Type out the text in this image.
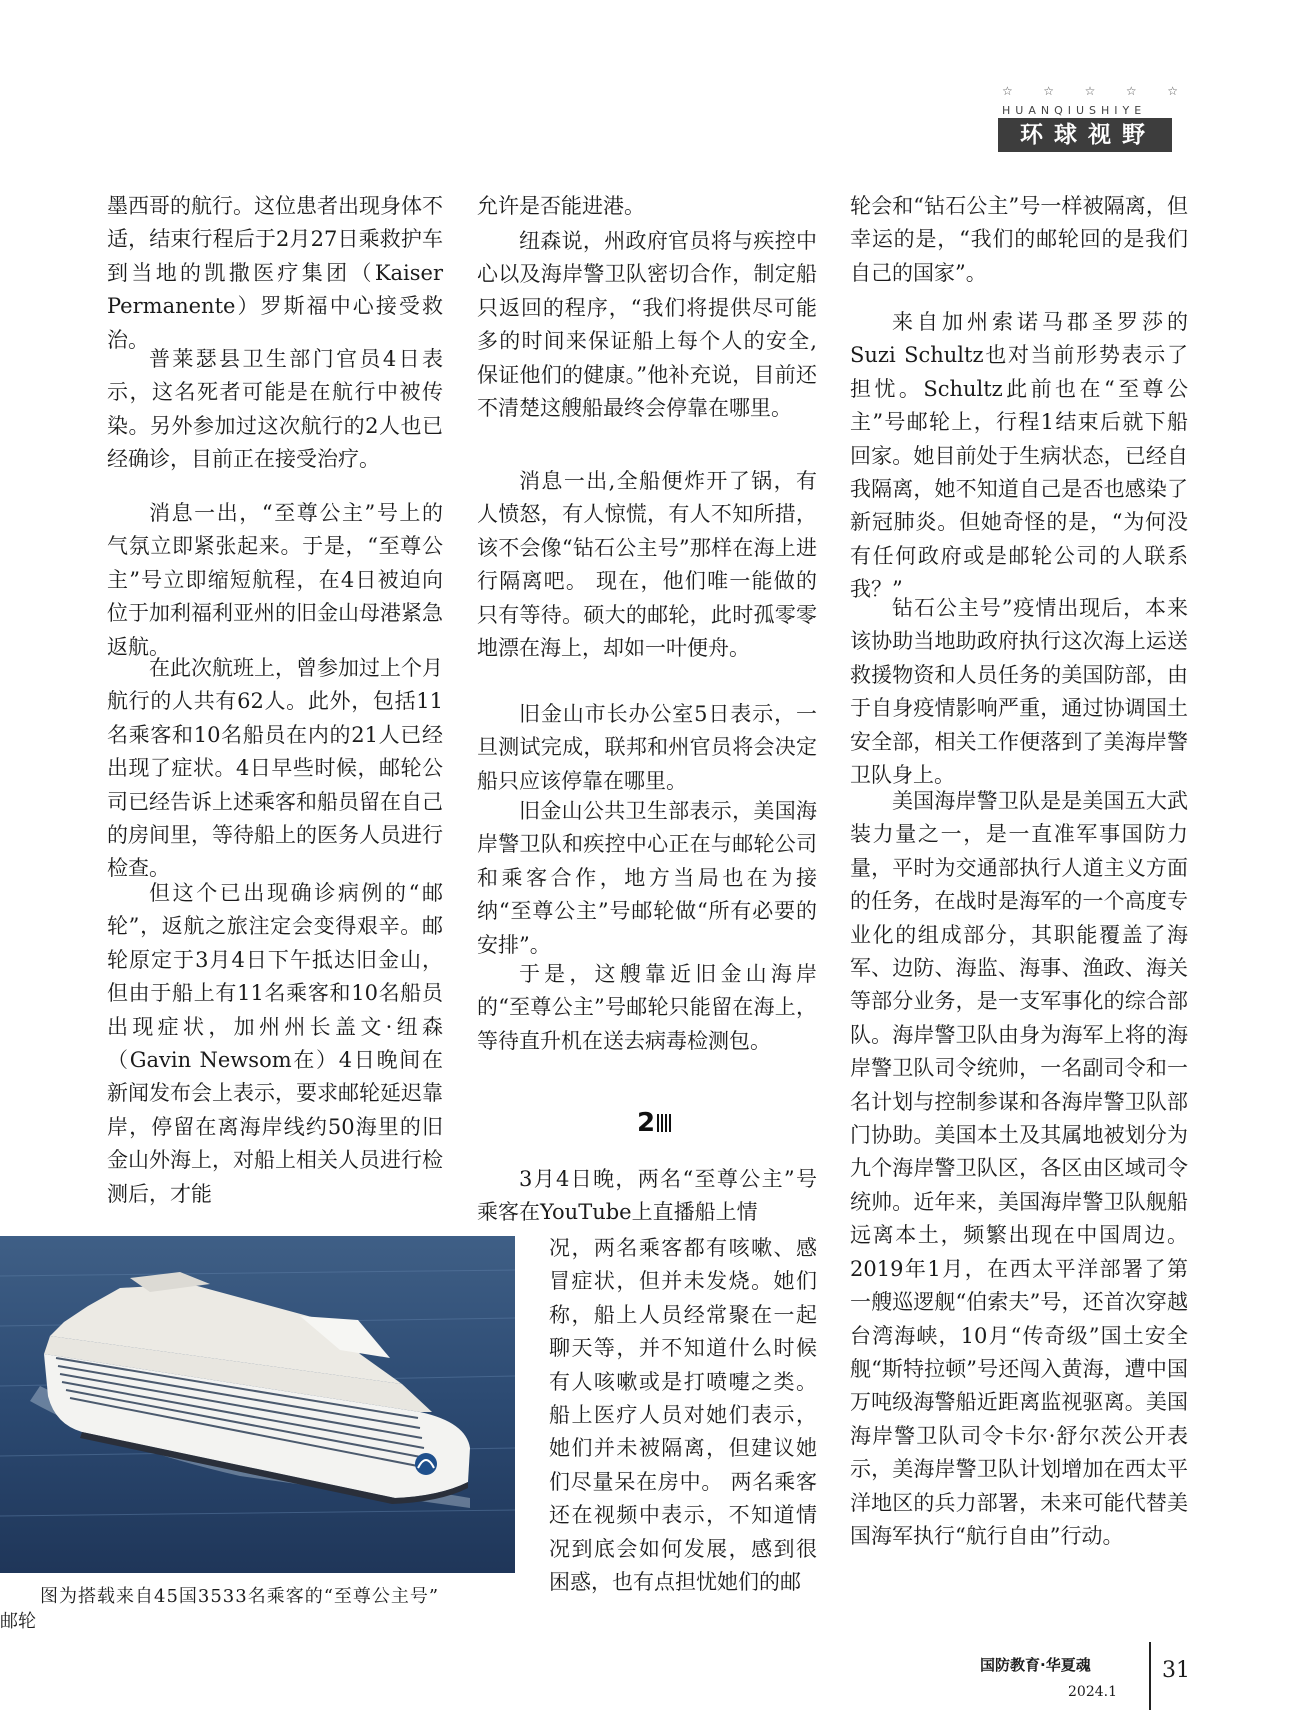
☆	☆	☆	☆	☆
HUANQIUSHIYE
环球视野

墨西哥的航行。这位患者出现身体不适，结束行程后于2月27日乘救护车到当地的凯撒医疗集团（Kaiser Permanente）罗斯福中心接受救治。

普莱瑟县卫生部门官员4日表示，这名死者可能是在航行中被传染。另外参加过这次航行的2人也已经确诊，目前正在接受治疗。

消息一出，“至尊公主”号上的气氛立即紧张起来。于是，“至尊公主”号立即缩短航程，在4日被迫向位于加利福利亚州的旧金山母港紧急返航。

在此次航班上，曾参加过上个月航行的人共有62人。此外，包括11名乘客和10名船员在内的21人已经出现了症状。4日早些时候，邮轮公司已经告诉上述乘客和船员留在自己的房间里，等待船上的医务人员进行检查。

但这个已出现确诊病例的“邮轮”，返航之旅注定会变得艰辛。邮轮原定于3月4日下午抵达旧金山，但由于船上有11名乘客和10名船员出现症状，加州州长盖文·纽森（Gavin Newsom在）4日晚间在新闻发布会上表示，要求邮轮延迟靠岸，停留在离海岸线约50海里的旧金山外海上，对船上相关人员进行检测后，才能

允许是否能进港。

纽森说，州政府官员将与疾控中心以及海岸警卫队密切合作，制定船只返回的程序，“我们将提供尽可能多的时间来保证船上每个人的安全,保证他们的健康。”他补充说，目前还不清楚这艘船最终会停靠在哪里。

消息一出,全船便炸开了锅，有人愤怒，有人惊慌，有人不知所措，该不会像“钻石公主号”那样在海上进行隔离吧。 现在，他们唯一能做的只有等待。硕大的邮轮，此时孤零零地漂在海上，却如一叶便舟。

旧金山市长办公室5日表示，一旦测试完成，联邦和州官员将会决定船只应该停靠在哪里。

旧金山公共卫生部表示，美国海岸警卫队和疾控中心正在与邮轮公司和乘客合作，地方当局也在为接纳“至尊公主”号邮轮做“所有必要的安排”。

于是，这艘靠近旧金山海岸的“至尊公主”号邮轮只能留在海上，等待直升机在送去病毒检测包。

2

3月4日晚，两名“至尊公主”号乘客在YouTube上直播船上情

况，两名乘客都有咳嗽、感冒症状，但并未发烧。她们称，船上人员经常聚在一起聊天等，并不知道什么时候有人咳嗽或是打喷嚏之类。船上医疗人员对她们表示，她们并未被隔离，但建议她们尽量呆在房中。 两名乘客还在视频中表示，不知道情况到底会如何发展，感到很困惑，也有点担忧她们的邮

轮会和“钻石公主”号一样被隔离，但幸运的是，“我们的邮轮回的是我们自己的国家”。

来自加州索诺马郡圣罗莎的Suzi Schultz也对当前形势表示了担忧。Schultz此前也在“至尊公主”号邮轮上，行程1结束后就下船回家。她目前处于生病状态，已经自我隔离，她不知道自己是否也感染了新冠肺炎。但她奇怪的是，“为何没有任何政府或是邮轮公司的人联系我？”

钻石公主号”疫情出现后，本来该协助当地助政府执行这次海上运送救援物资和人员任务的美国防部，由于自身疫情影响严重，通过协调国土安全部，相关工作便落到了美海岸警卫队身上。

美国海岸警卫队是是美国五大武装力量之一，是一直准军事国防力量，平时为交通部执行人道主义方面的任务，在战时是海军的一个高度专业化的组成部分，其职能覆盖了海军、边防、海监、海事、渔政、海关等部分业务，是一支军事化的综合部队。海岸警卫队由身为海军上将的海岸警卫队司令统帅，一名副司令和一名计划与控制参谋和各海岸警卫队部门协助。美国本土及其属地被划分为九个海岸警卫队区，各区由区域司令统帅。近年来，美国海岸警卫队舰船远离本土，频繁出现在中国周边。2019年1月，在西太平洋部署了第一艘巡逻舰“伯索夫”号，还首次穿越台湾海峡，10月“传奇级”国土安全舰“斯特拉顿”号还闯入黄海，遭中国万吨级海警船近距离监视驱离。美国海岸警卫队司令卡尔·舒尔茨公开表示，美海岸警卫队计划增加在西太平洋地区的兵力部署，未来可能代替美国海军执行“航行自由”行动。

图为搭载来自45国3533名乘客的“至尊公主号”

邮轮

国防教育·华夏魂
2024.1
31
